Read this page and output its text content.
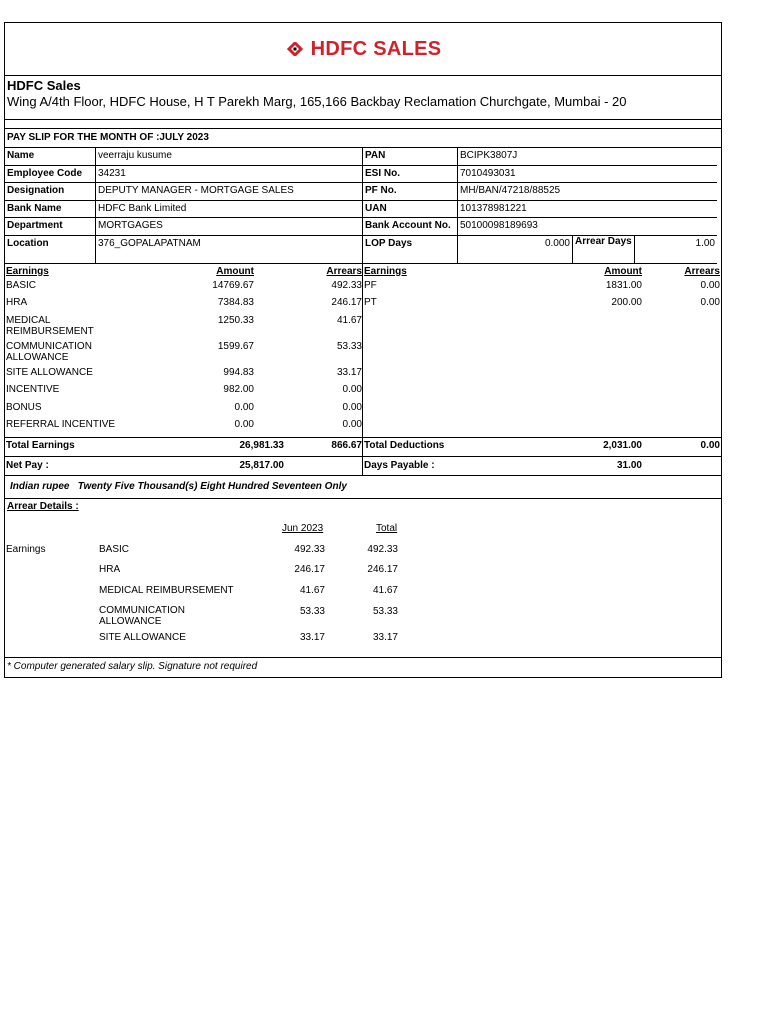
HDFC SALES
HDFC Sales
Wing A/4th Floor, HDFC House, H T Parekh Marg, 165,166 Backbay Reclamation Churchgate, Mumbai - 20
PAY SLIP FOR THE MONTH OF :JULY 2023
Name	veerraju kusume	PAN	BCIPK3807J
Employee Code	34231	ESI No.	7010493031
Designation	DEPUTY MANAGER - MORTGAGE SALES	PF No.	MH/BAN/47218/88525
Bank Name	HDFC Bank Limited	UAN	101378981221
Department	MORTGAGES	Bank Account No. 50100098189693
Location	376_GOPALAPATNAM	LOP Days	0.000 Arrear Days	1.00
Earnings	Amount	Arrears
BASIC	14769.67	492.33
HRA	7384.83	246.17
MEDICAL REIMBURSEMENT
1250.33	41.67
COMMUNICATION ALLOWANCE
1599.67	53.33
SITE ALLOWANCE	994.83	33.17
INCENTIVE	982.00	0.00
BONUS	0.00	0.00
REFERRAL INCENTIVE	0.00	0.00
Earnings	Amount	Arrears
PF	1831.00	0.00
PT	200.00	0.00
Total Earnings	26,981.33	866.67 Total Deductions	2,031.00	0.00
Net Pay :	25,817.00	Days Payable :	31.00
Indian rupee Twenty Five Thousand(s) Eight Hundred Seventeen Only
Arrear Details :
Jun 2023	Total
Earnings	BASIC	492.33	492.33
HRA	246.17	246.17
MEDICAL REIMBURSEMENT	41.67	41.67
COMMUNICATION ALLOWANCE
53.33	53.33
SITE ALLOWANCE	33.17	33.17
* Computer generated salary slip. Signature not required
